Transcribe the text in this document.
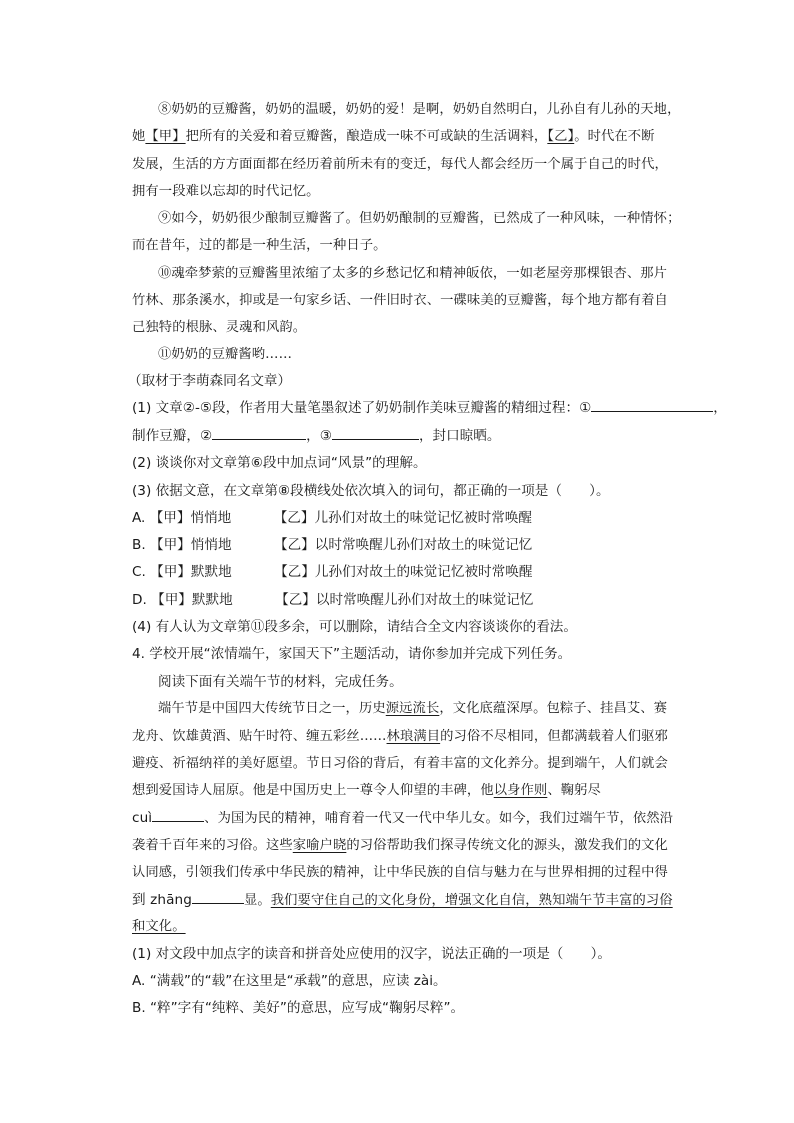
⑧奶奶的豆瓣酱，奶奶的温暖，奶奶的爱！是啊，奶奶自然明白，儿孙自有儿孙的天地，
她【甲】把所有的关爱和着豆瓣酱，酿造成一味不可或缺的生活调料，【乙】。时代在不断
发展，生活的方方面面都在经历着前所未有的变迁，每代人都会经历一个属于自己的时代，
拥有一段难以忘却的时代记忆。
⑨如今，奶奶很少酿制豆瓣酱了。但奶奶酿制的豆瓣酱，已然成了一种风味，一种情怀；
而在昔年，过的都是一种生活，一种日子。
⑩魂牵梦萦的豆瓣酱里浓缩了太多的乡愁记忆和精神皈依，一如老屋旁那棵银杏、那片
竹林、那条溪水，抑或是一句家乡话、一件旧时衣、一碟味美的豆瓣酱，每个地方都有着自
己独特的根脉、灵魂和风韵。
⑪奶奶的豆瓣酱哟……
（取材于李萌森同名文章）
(1) 文章②-⑤段，作者用大量笔墨叙述了奶奶制作美味豆瓣酱的精细过程：①	，
制作豆瓣，②	，③	，封口晾晒。
(2) 谈谈你对文章第⑥段中加点词“风景”的理解。
(3) 依据文意，在文章第⑧段横线处依次填入的词句，都正确的一项是（　　）。
A. 【甲】悄悄地	【乙】儿孙们对故土的味觉记忆被时常唤醒
B. 【甲】悄悄地	【乙】以时常唤醒儿孙们对故土的味觉记忆
C. 【甲】默默地	【乙】儿孙们对故土的味觉记忆被时常唤醒
D. 【甲】默默地	【乙】以时常唤醒儿孙们对故土的味觉记忆
(4) 有人认为文章第⑪段多余，可以删除，请结合全文内容谈谈你的看法。
4. 学校开展“浓情端午，家国天下”主题活动，请你参加并完成下列任务。
阅读下面有关端午节的材料，完成任务。
端午节是中国四大传统节日之一，历史源远流长，文化底蕴深厚。包粽子、挂昌艾、赛
龙舟、饮雄黄酒、贴午时符、缠五彩丝……林琅满目的习俗不尽相同，但都满载着人们驱邪
避疫、祈福纳祥的美好愿望。节日习俗的背后，有着丰富的文化养分。提到端午，人们就会
想到爱国诗人屈原。他是中国历史上一尊令人仰望的丰碑，他以身作则、鞠躬尽
cuì	、为国为民的精神，哺育着一代又一代中华儿女。如今，我们过端午节，依然沿
袭着千百年来的习俗。这些家喻户晓的习俗帮助我们探寻传统文化的源头，激发我们的文化
认同感，引领我们传承中华民族的精神，让中华民族的自信与魅力在与世界相拥的过程中得
到 zhāng	显。我们要守住自己的文化身份，增强文化自信，熟知端午节丰富的习俗
和文化。
(1) 对文段中加点字的读音和拼音处应使用的汉字，说法正确的一项是（　　）。
A. “满载”的“载”在这里是“承载”的意思，应读 zài。
B. “粹”字有“纯粹、美好”的意思，应写成“鞠躬尽粹”。
